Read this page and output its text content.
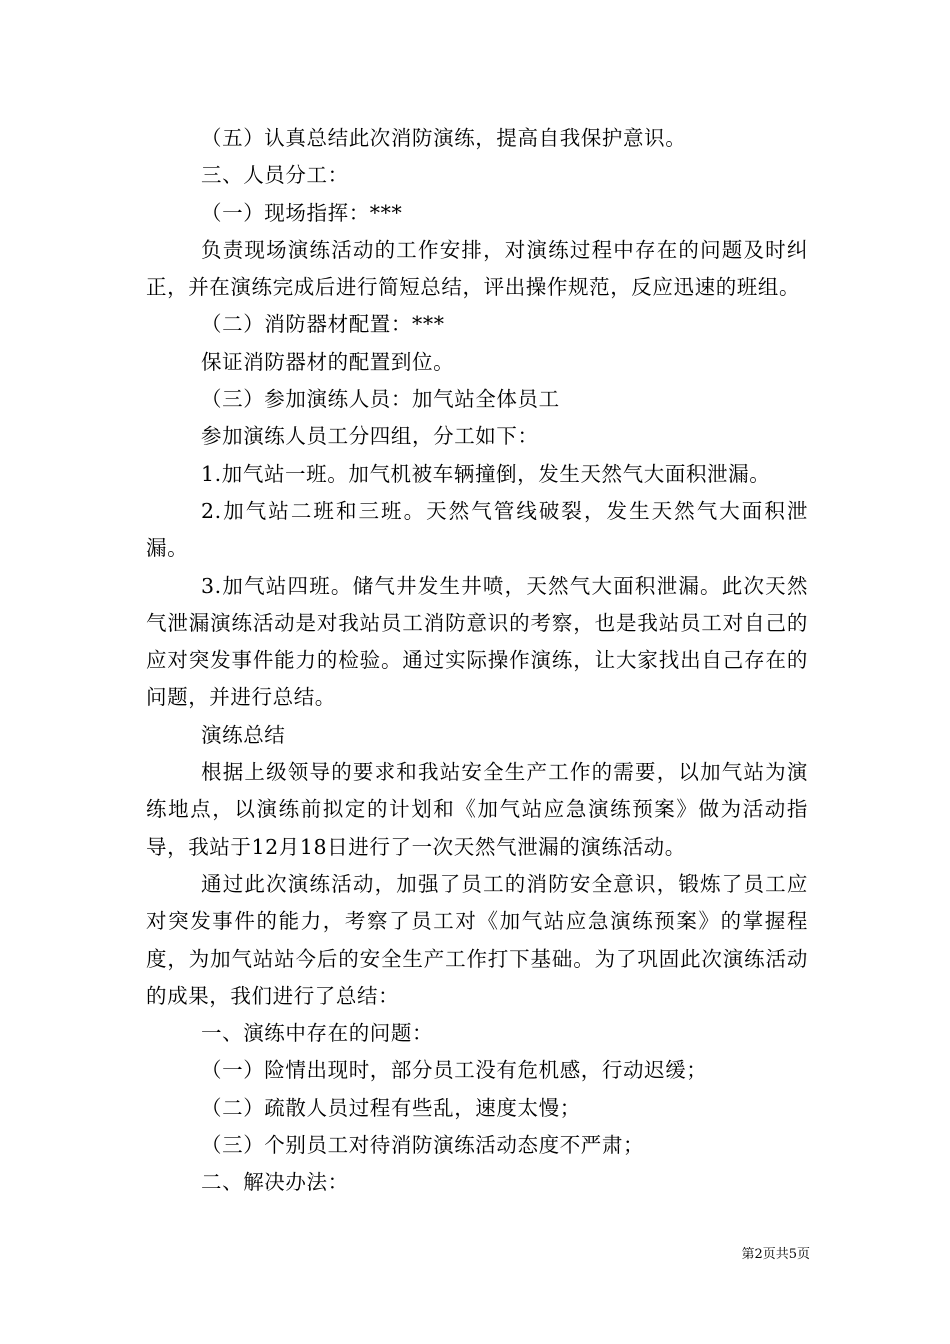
（五）认真总结此次消防演练，提高自我保护意识。

三、人员分工：

（一）现场指挥：***

负责现场演练活动的工作安排，对演练过程中存在的问题及时纠正，并在演练完成后进行简短总结，评出操作规范，反应迅速的班组。

（二）消防器材配置：***

保证消防器材的配置到位。

（三）参加演练人员：加气站全体员工

参加演练人员工分四组，分工如下：

1.加气站一班。加气机被车辆撞倒，发生天然气大面积泄漏。

2.加气站二班和三班。天然气管线破裂，发生天然气大面积泄漏。

3.加气站四班。储气井发生井喷，天然气大面积泄漏。此次天然气泄漏演练活动是对我站员工消防意识的考察，也是我站员工对自己的应对突发事件能力的检验。通过实际操作演练，让大家找出自己存在的问题，并进行总结。

演练总结

根据上级领导的要求和我站安全生产工作的需要，以加气站为演练地点，以演练前拟定的计划和《加气站应急演练预案》做为活动指导，我站于12月18日进行了一次天然气泄漏的演练活动。

通过此次演练活动，加强了员工的消防安全意识，锻炼了员工应对突发事件的能力，考察了员工对《加气站应急演练预案》的掌握程度，为加气站站今后的安全生产工作打下基础。为了巩固此次演练活动的成果，我们进行了总结：

一、演练中存在的问题：

（一）险情出现时，部分员工没有危机感，行动迟缓；

（二）疏散人员过程有些乱，速度太慢；

（三）个别员工对待消防演练活动态度不严肃；

二、解决办法：

第2页共5页
